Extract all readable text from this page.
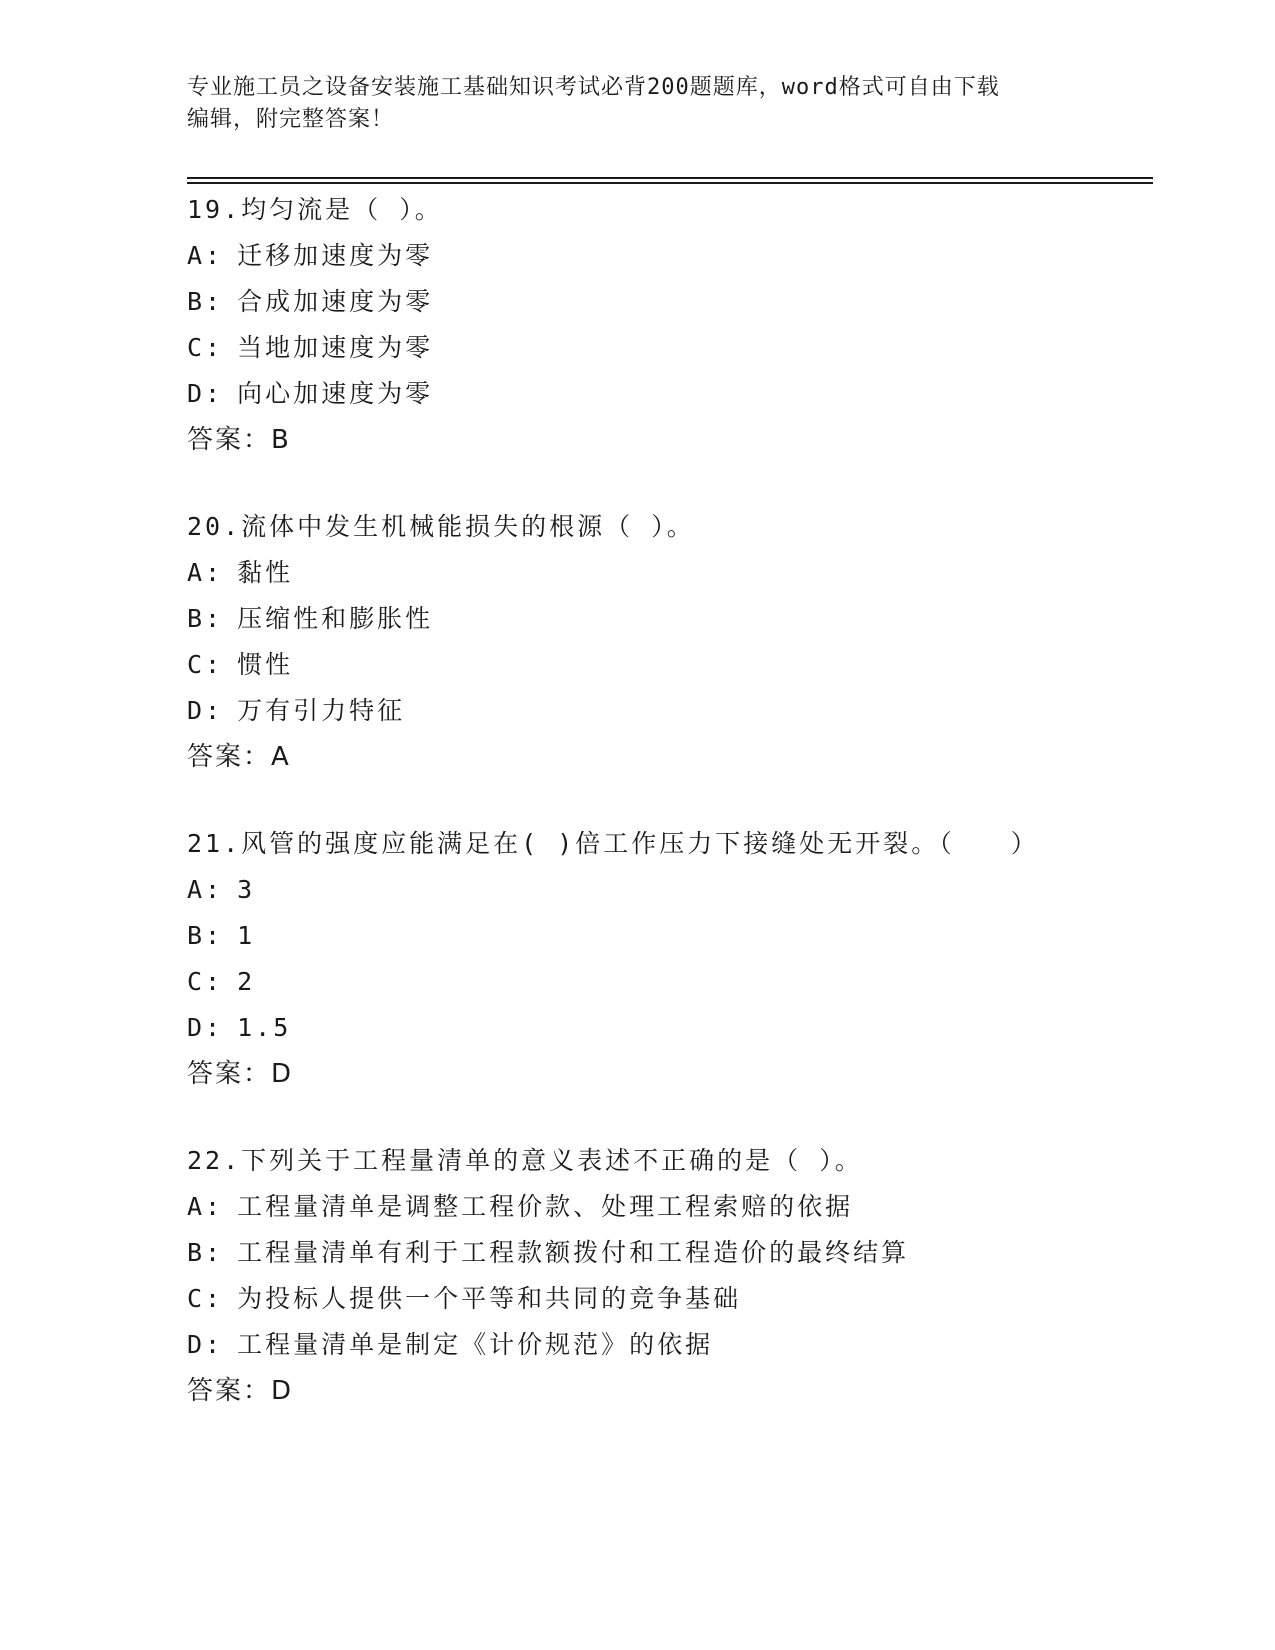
专业施工员之设备安装施工基础知识考试必背200题题库，word格式可自由下载
编辑，附完整答案！
19.均匀流是（ ）。
A: 迁移加速度为零
B: 合成加速度为零
C: 当地加速度为零
D: 向心加速度为零
答案：B
20.流体中发生机械能损失的根源（ ）。
A: 黏性
B: 压缩性和膨胀性
C: 惯性
D: 万有引力特征
答案：A
21.风管的强度应能满足在( )倍工作压力下接缝处无开裂。（　　）
A: 3
B: 1
C: 2
D: 1.5
答案：D
22.下列关于工程量清单的意义表述不正确的是（ ）。
A: 工程量清单是调整工程价款、处理工程索赔的依据
B: 工程量清单有利于工程款额拨付和工程造价的最终结算
C: 为投标人提供一个平等和共同的竞争基础
D: 工程量清单是制定《计价规范》的依据
答案：D
